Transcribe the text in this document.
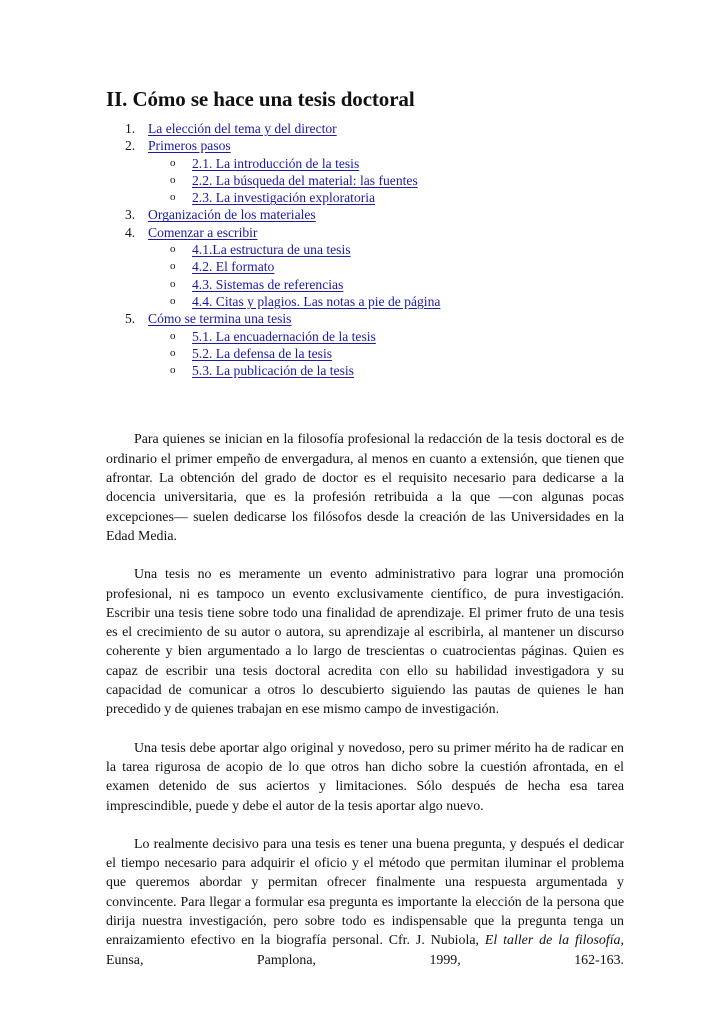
II. Cómo se hace una tesis doctoral
1. La elección del tema y del director
2. Primeros pasos
o 2.1. La introducción de la tesis
o 2.2. La búsqueda del material: las fuentes
o 2.3. La investigación exploratoria
3. Organización de los materiales
4. Comenzar a escribir
o 4.1.La estructura de una tesis
o 4.2. El formato
o 4.3. Sistemas de referencias
o 4.4. Citas y plagios. Las notas a pie de página
5. Cómo se termina una tesis
o 5.1. La encuadernación de la tesis
o 5.2. La defensa de la tesis
o 5.3. La publicación de la tesis

Para quienes se inician en la filosofía profesional la redacción de la tesis doctoral es de ordinario el primer empeño de envergadura, al menos en cuanto a extensión, que tienen que afrontar. La obtención del grado de doctor es el requisito necesario para dedicarse a la docencia universitaria, que es la profesión retribuida a la que —con algunas pocas excepciones— suelen dedicarse los filósofos desde la creación de las Universidades en la Edad Media.

Una tesis no es meramente un evento administrativo para lograr una promoción profesional, ni es tampoco un evento exclusivamente científico, de pura investigación. Escribir una tesis tiene sobre todo una finalidad de aprendizaje. El primer fruto de una tesis es el crecimiento de su autor o autora, su aprendizaje al escribirla, al mantener un discurso coherente y bien argumentado a lo largo de trescientas o cuatrocientas páginas. Quien es capaz de escribir una tesis doctoral acredita con ello su habilidad investigadora y su capacidad de comunicar a otros lo descubierto siguiendo las pautas de quienes le han precedido y de quienes trabajan en ese mismo campo de investigación.

Una tesis debe aportar algo original y novedoso, pero su primer mérito ha de radicar en la tarea rigurosa de acopio de lo que otros han dicho sobre la cuestión afrontada, en el examen detenido de sus aciertos y limitaciones. Sólo después de hecha esa tarea imprescindible, puede y debe el autor de la tesis aportar algo nuevo.

Lo realmente decisivo para una tesis es tener una buena pregunta, y después el dedicar el tiempo necesario para adquirir el oficio y el método que permitan iluminar el problema que queremos abordar y permitan ofrecer finalmente una respuesta argumentada y convincente. Para llegar a formular esa pregunta es importante la elección de la persona que dirija nuestra investigación, pero sobre todo es indispensable que la pregunta tenga un enraizamiento efectivo en la biografía personal. Cfr. J. Nubiola, El taller de la filosofía, Eunsa, Pamplona, 1999, 162-163.
